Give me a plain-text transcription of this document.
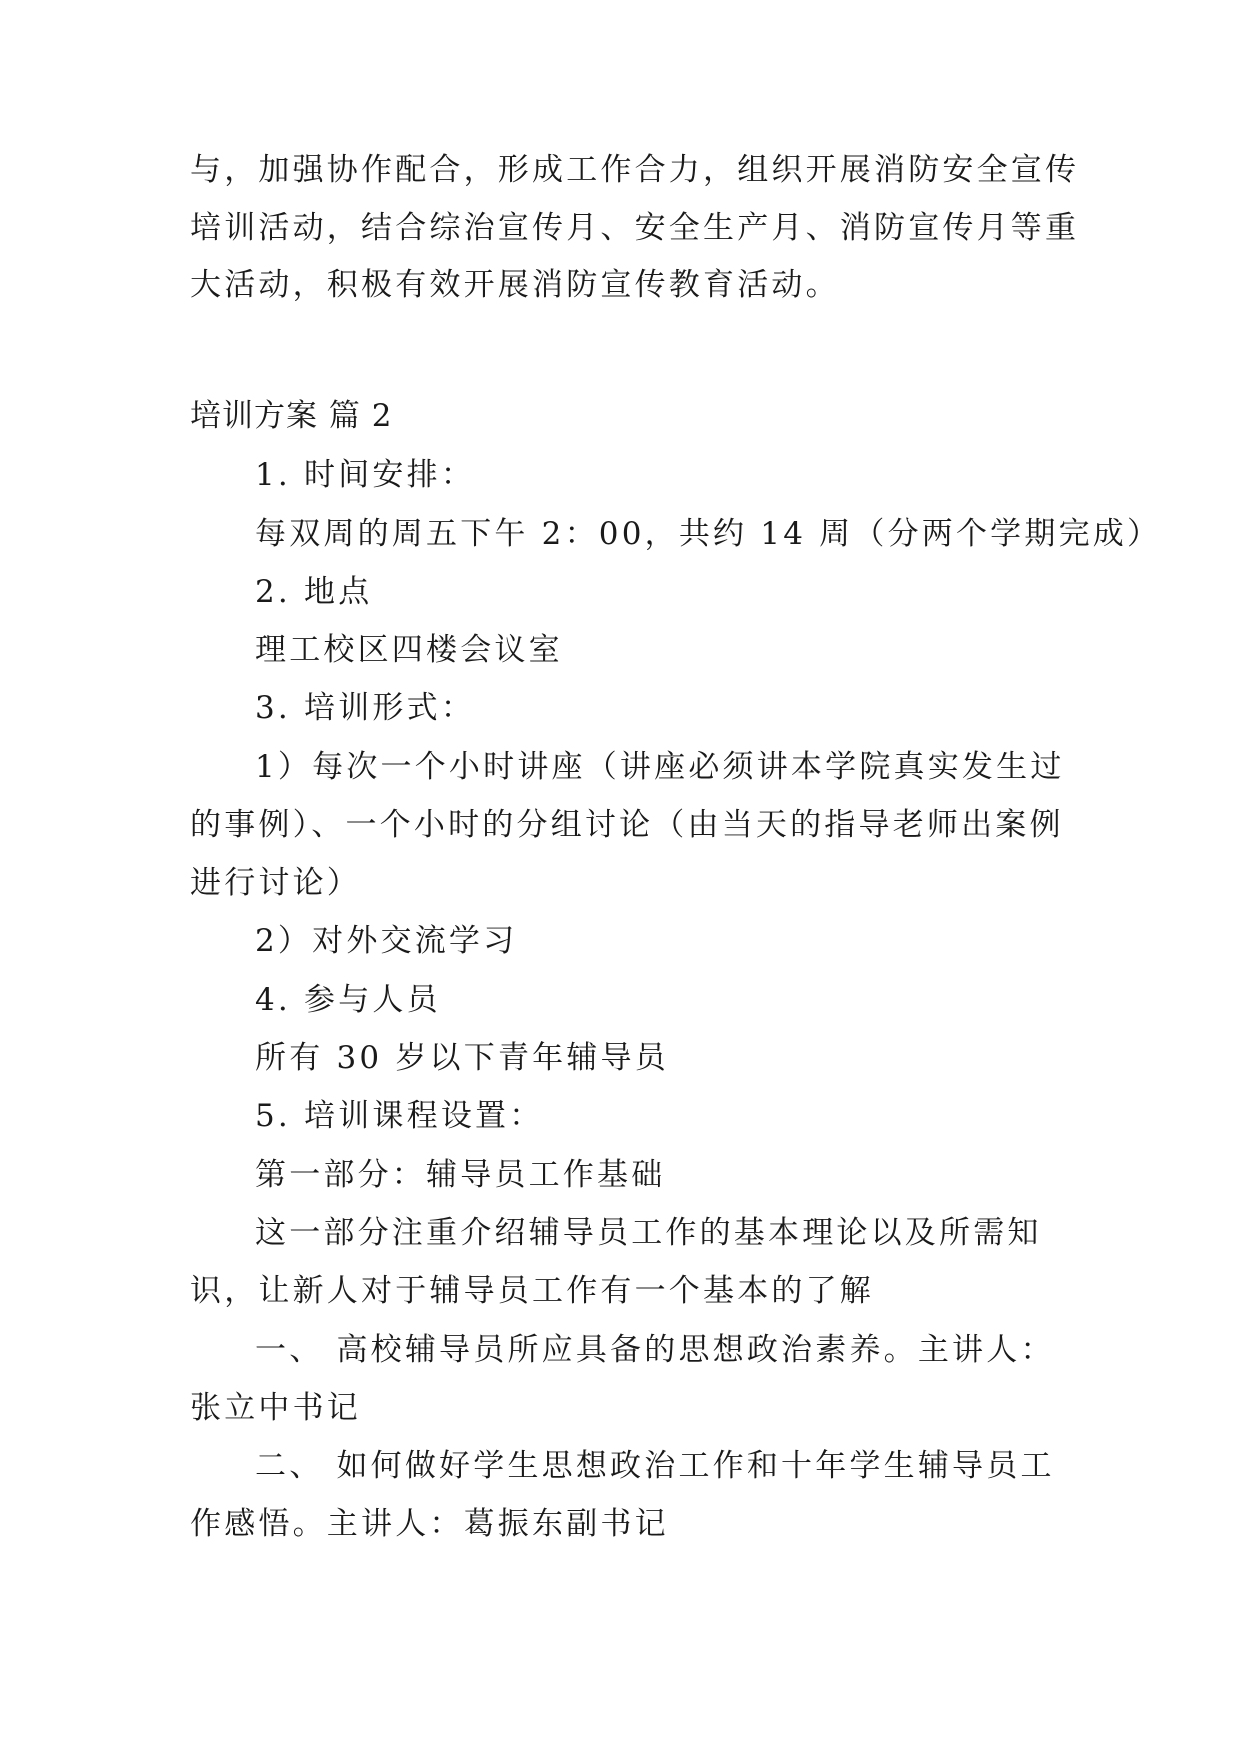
与，加强协作配合，形成工作合力，组织开展消防安全宣传
培训活动，结合综治宣传月、安全生产月、消防宣传月等重
大活动，积极有效开展消防宣传教育活动。
培训方案 篇 2
1. 时间安排：
每双周的周五下午 2：00，共约 14 周（分两个学期完成）
2. 地点
理工校区四楼会议室
3. 培训形式：
1）每次一个小时讲座（讲座必须讲本学院真实发生过
的事例）、一个小时的分组讨论（由当天的指导老师出案例
进行讨论）
2）对外交流学习
4. 参与人员
所有 30 岁以下青年辅导员
5. 培训课程设置：
第一部分：辅导员工作基础
这一部分注重介绍辅导员工作的基本理论以及所需知
识，让新人对于辅导员工作有一个基本的了解
一、 高校辅导员所应具备的思想政治素养。主讲人：
张立中书记
二、 如何做好学生思想政治工作和十年学生辅导员工
作感悟。主讲人：葛振东副书记
